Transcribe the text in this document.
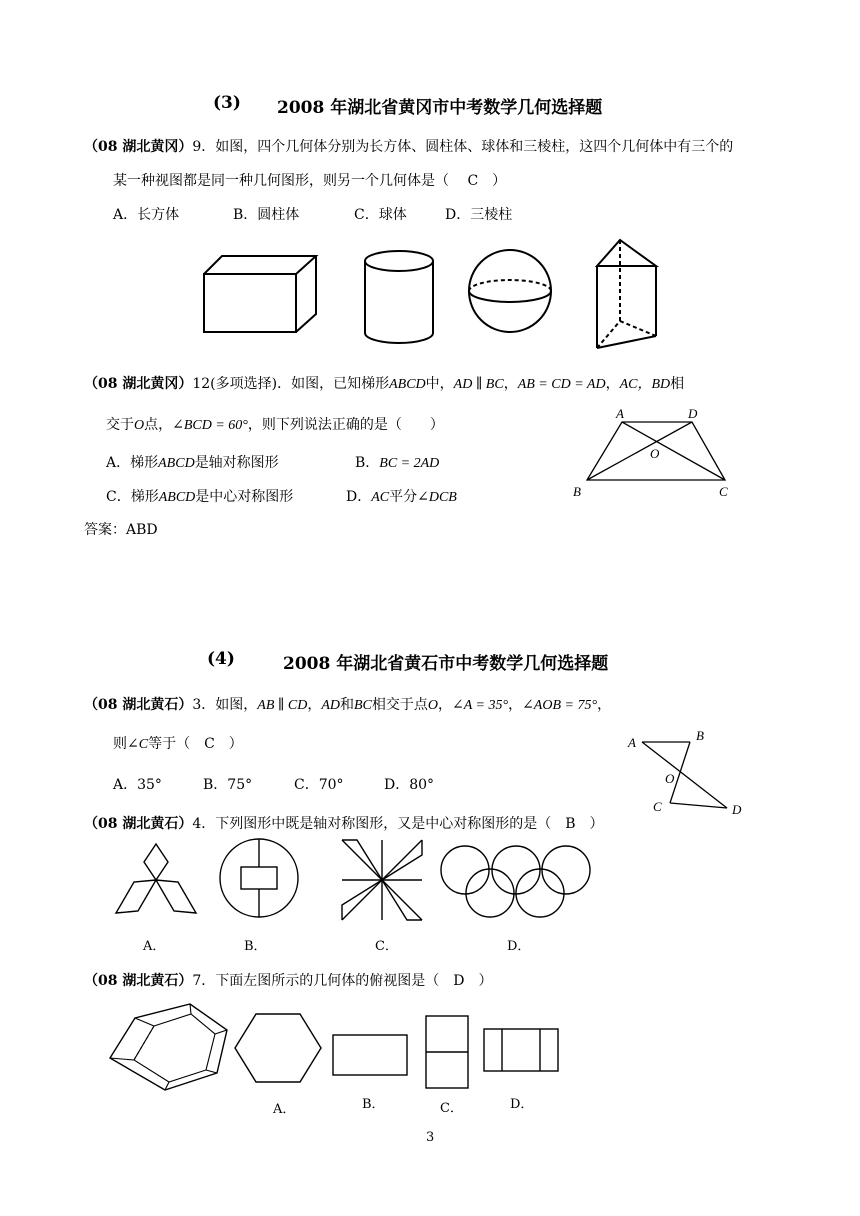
(3) 2008 年湖北省黄冈市中考数学几何选择题
（08 湖北黄冈）9．如图，四个几何体分别为长方体、圆柱体、球体和三棱柱，这四个几何体中有三个的
某一种视图都是同一种几何图形，则另一个几何体是（　 C　）
A．长方体	B．圆柱体	C．球体	D．三棱柱
（08 湖北黄冈）12(多项选择)．如图，已知梯形ABCD中，AD ∥ BC，AB = CD = AD，AC，BD相
交于O点，∠BCD = 60°，则下列说法正确的是（　　）
A．梯形ABCD是轴对称图形	B．BC = 2AD
C．梯形ABCD是中心对称图形	D．AC平分∠DCB
A	D
O
B	C
答案：ABD
(4)	2008 年湖北省黄石市中考数学几何选择题
（08 湖北黄石）3．如图，AB ∥ CD，AD和BC相交于点O，∠A = 35°，∠AOB = 75°，
则∠C等于（　C　）
A．35°	B．75°	C．70°	D．80°
A	B
O
C	D
（08 湖北黄石）4．下列图形中既是轴对称图形，又是中心对称图形的是（　B　）
A．	B．	C．	D．
（08 湖北黄石）7．下面左图所示的几何体的俯视图是（　D　）
A．	B．	C．	D．
3
